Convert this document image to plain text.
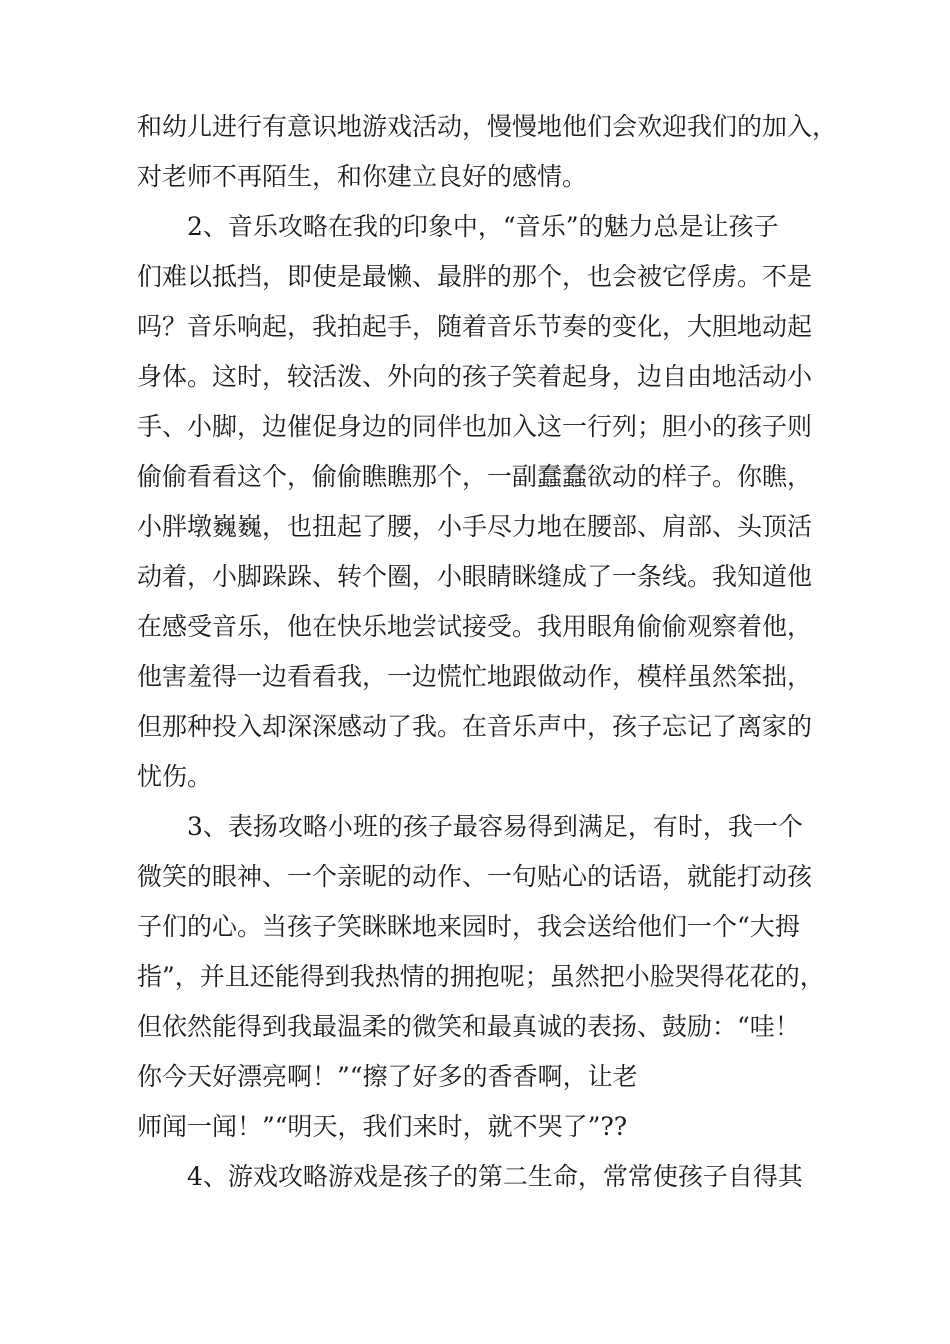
和幼儿进行有意识地游戏活动，慢慢地他们会欢迎我们的加入，
对老师不再陌生，和你建立良好的感情。
2、音乐攻略在我的印象中，“音乐”的魅力总是让孩子
们难以抵挡，即使是最懒、最胖的那个，也会被它俘虏。不是
吗？音乐响起，我拍起手，随着音乐节奏的变化，大胆地动起
身体。这时，较活泼、外向的孩子笑着起身，边自由地活动小
手、小脚，边催促身边的同伴也加入这一行列；胆小的孩子则
偷偷看看这个，偷偷瞧瞧那个，一副蠢蠢欲动的样子。你瞧，
小胖墩巍巍，也扭起了腰，小手尽力地在腰部、肩部、头顶活
动着，小脚跺跺、转个圈，小眼睛眯缝成了一条线。我知道他
在感受音乐，他在快乐地尝试接受。我用眼角偷偷观察着他，
他害羞得一边看看我，一边慌忙地跟做动作，模样虽然笨拙，
但那种投入却深深感动了我。在音乐声中，孩子忘记了离家的
忧伤。
3、表扬攻略小班的孩子最容易得到满足，有时，我一个
微笑的眼神、一个亲昵的动作、一句贴心的话语，就能打动孩
子们的心。当孩子笑眯眯地来园时，我会送给他们一个“大拇
指”，并且还能得到我热情的拥抱呢；虽然把小脸哭得花花的，
但依然能得到我最温柔的微笑和最真诚的表扬、鼓励：“哇！
你今天好漂亮啊！”“擦了好多的香香啊，让老
师闻一闻！”“明天，我们来时，就不哭了”??
4、游戏攻略游戏是孩子的第二生命，常常使孩子自得其
